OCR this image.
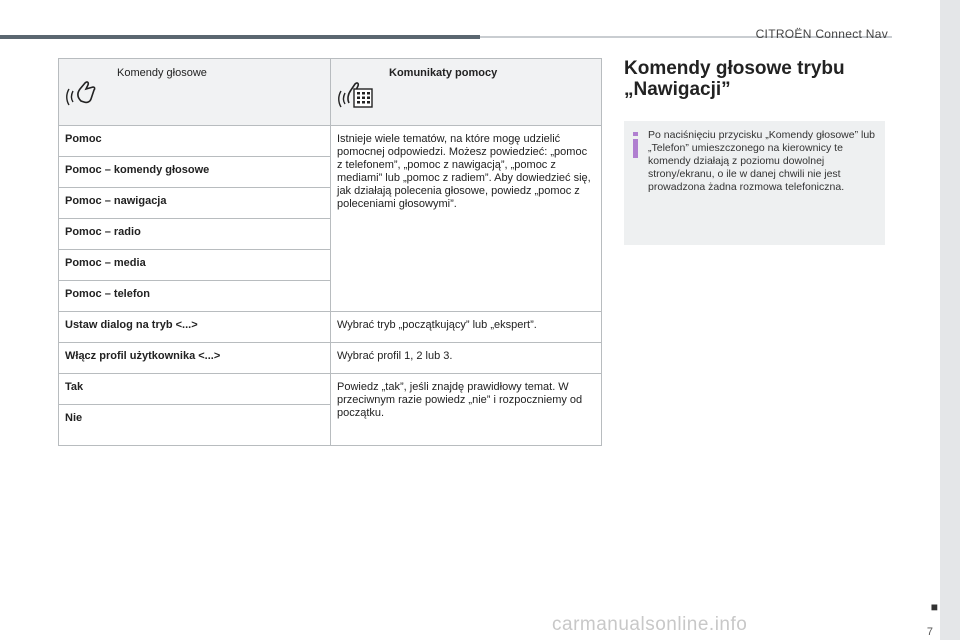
CITROËN Connect Nav
Komendy głosowe	Komunikaty pomocy

Pomoc	Istnieje wiele tematów, na które mogę udzielić pomocnej odpowiedzi. Możesz powiedzieć: „pomoc z telefonem”, „pomoc z nawigacją”, „pomoc z mediami” lub „pomoc z radiem”. Aby dowiedzieć się, jak działają polecenia głosowe, powiedz „pomoc z poleceniami głosowymi”.
Pomoc – komendy głosowe	
Pomoc – nawigacja	
Pomoc – radio	
Pomoc – media	
Pomoc – telefon	
Ustaw dialog na tryb <...>	Wybrać tryb „początkujący” lub „ekspert”.
Włącz profil użytkownika <...>	Wybrać profil 1, 2 lub 3.
Tak	Powiedz „tak”, jeśli znajdę prawidłowy temat. W przeciwnym razie powiedz „nie” i rozpoczniemy od początku.
Nie	

Komendy głosowe trybu
„Nawigacji”

Po naciśnięciu przycisku „Komendy głosowe” lub „Telefon” umieszczonego na kierownicy te komendy działają z poziomu dowolnej strony/ekranu, o ile w danej chwili nie jest prowadzona żadna rozmowa telefoniczna.
■
7
carmanualsonline.info
